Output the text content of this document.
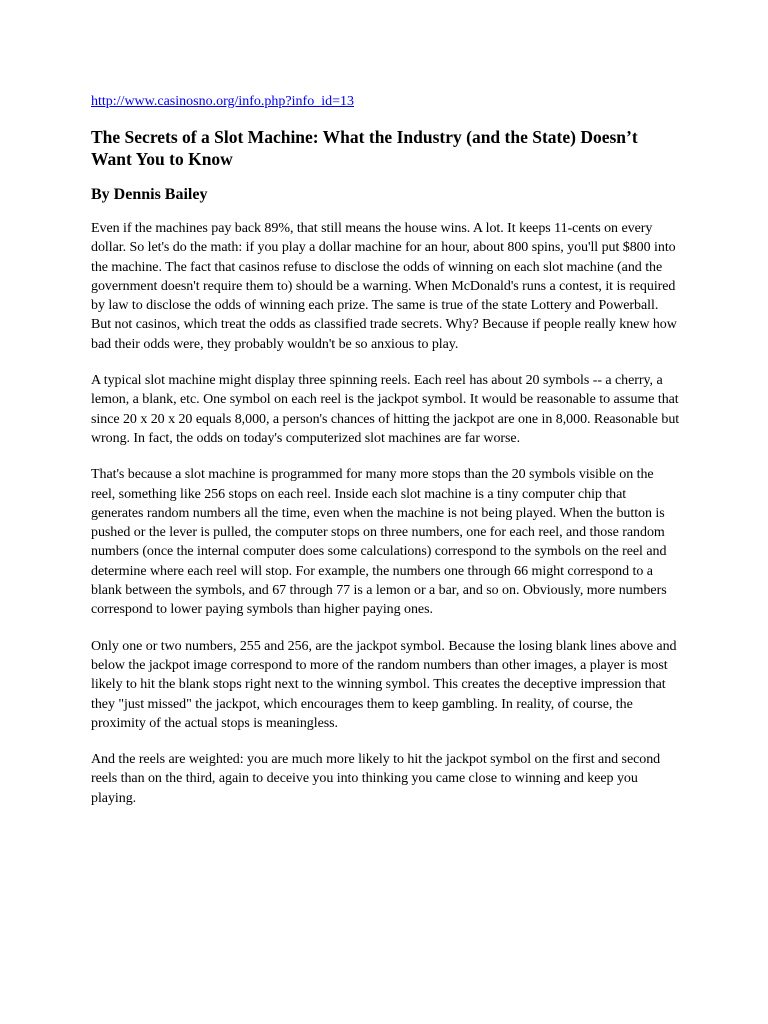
http://www.casinosno.org/info.php?info_id=13
The Secrets of a Slot Machine: What the Industry (and the State) Doesn’t Want You to Know

By Dennis Bailey

Even if the machines pay back 89%, that still means the house wins. A lot. It keeps 11-cents on every dollar. So let's do the math: if you play a dollar machine for an hour, about 800 spins, you'll put $800 into the machine. The fact that casinos refuse to disclose the odds of winning on each slot machine (and the government doesn't require them to) should be a warning. When McDonald's runs a contest, it is required by law to disclose the odds of winning each prize. The same is true of the state Lottery and Powerball. But not casinos, which treat the odds as classified trade secrets. Why? Because if people really knew how bad their odds were, they probably wouldn't be so anxious to play.

A typical slot machine might display three spinning reels. Each reel has about 20 symbols -- a cherry, a lemon, a blank, etc. One symbol on each reel is the jackpot symbol. It would be reasonable to assume that since 20 x 20 x 20 equals 8,000, a person's chances of hitting the jackpot are one in 8,000. Reasonable but wrong. In fact, the odds on today's computerized slot machines are far worse.

That's because a slot machine is programmed for many more stops than the 20 symbols visible on the reel, something like 256 stops on each reel. Inside each slot machine is a tiny computer chip that generates random numbers all the time, even when the machine is not being played. When the button is pushed or the lever is pulled, the computer stops on three numbers, one for each reel, and those random numbers (once the internal computer does some calculations) correspond to the symbols on the reel and determine where each reel will stop. For example, the numbers one through 66 might correspond to a blank between the symbols, and 67 through 77 is a lemon or a bar, and so on. Obviously, more numbers correspond to lower paying symbols than higher paying ones.

Only one or two numbers, 255 and 256, are the jackpot symbol. Because the losing blank lines above and below the jackpot image correspond to more of the random numbers than other images, a player is most likely to hit the blank stops right next to the winning symbol. This creates the deceptive impression that they "just missed" the jackpot, which encourages them to keep gambling. In reality, of course, the proximity of the actual stops is meaningless.

And the reels are weighted: you are much more likely to hit the jackpot symbol on the first and second reels than on the third, again to deceive you into thinking you came close to winning and keep you playing.
